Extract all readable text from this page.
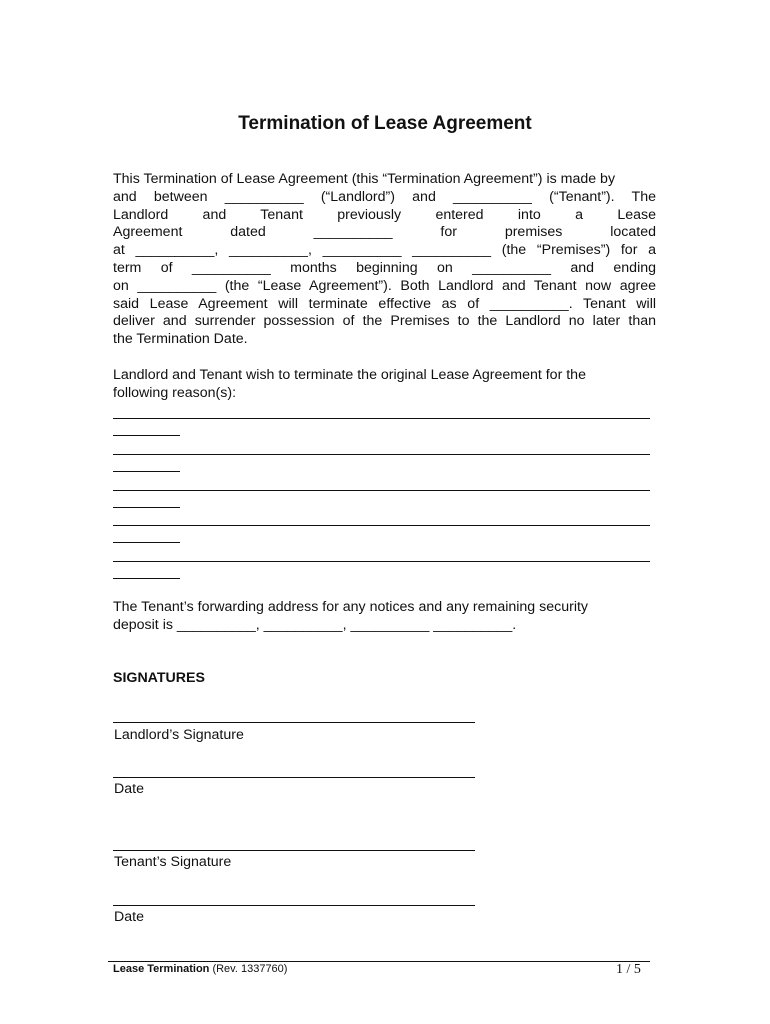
Termination of Lease Agreement
This Termination of Lease Agreement (this “Termination Agreement”) is made by
and between __________ (“Landlord”) and __________ (“Tenant”). The
Landlord and Tenant previously entered into a Lease
Agreement dated __________ for premises located
at __________, __________, __________ __________ (the “Premises”) for a
term of __________ months beginning on __________ and ending
on __________ (the “Lease Agreement”). Both Landlord and Tenant now agree
said Lease Agreement will terminate effective as of __________. Tenant will
deliver and surrender possession of the Premises to the Landlord no later than
the Termination Date.
Landlord and Tenant wish to terminate the original Lease Agreement for the
following reason(s):
The Tenant’s forwarding address for any notices and any remaining security
deposit is __________, __________, __________ __________.
SIGNATURES
Landlord’s Signature
Date
Tenant’s Signature
Date
Lease Termination (Rev. 1337760)	1 / 5
